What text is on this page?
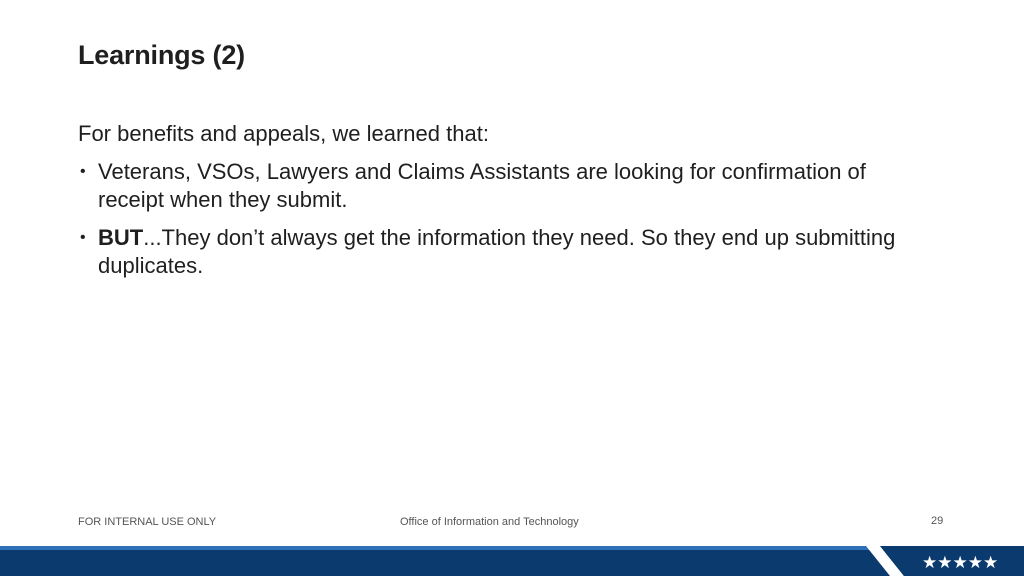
Learnings (2)
For benefits and appeals, we learned that:
• Veterans, VSOs, Lawyers and Claims Assistants are looking for confirmation of receipt when they submit.
• BUT...They don’t always get the information they need. So they end up submitting duplicates.
FOR INTERNAL USE ONLY	Office of Information and Technology	29
★★★★★
